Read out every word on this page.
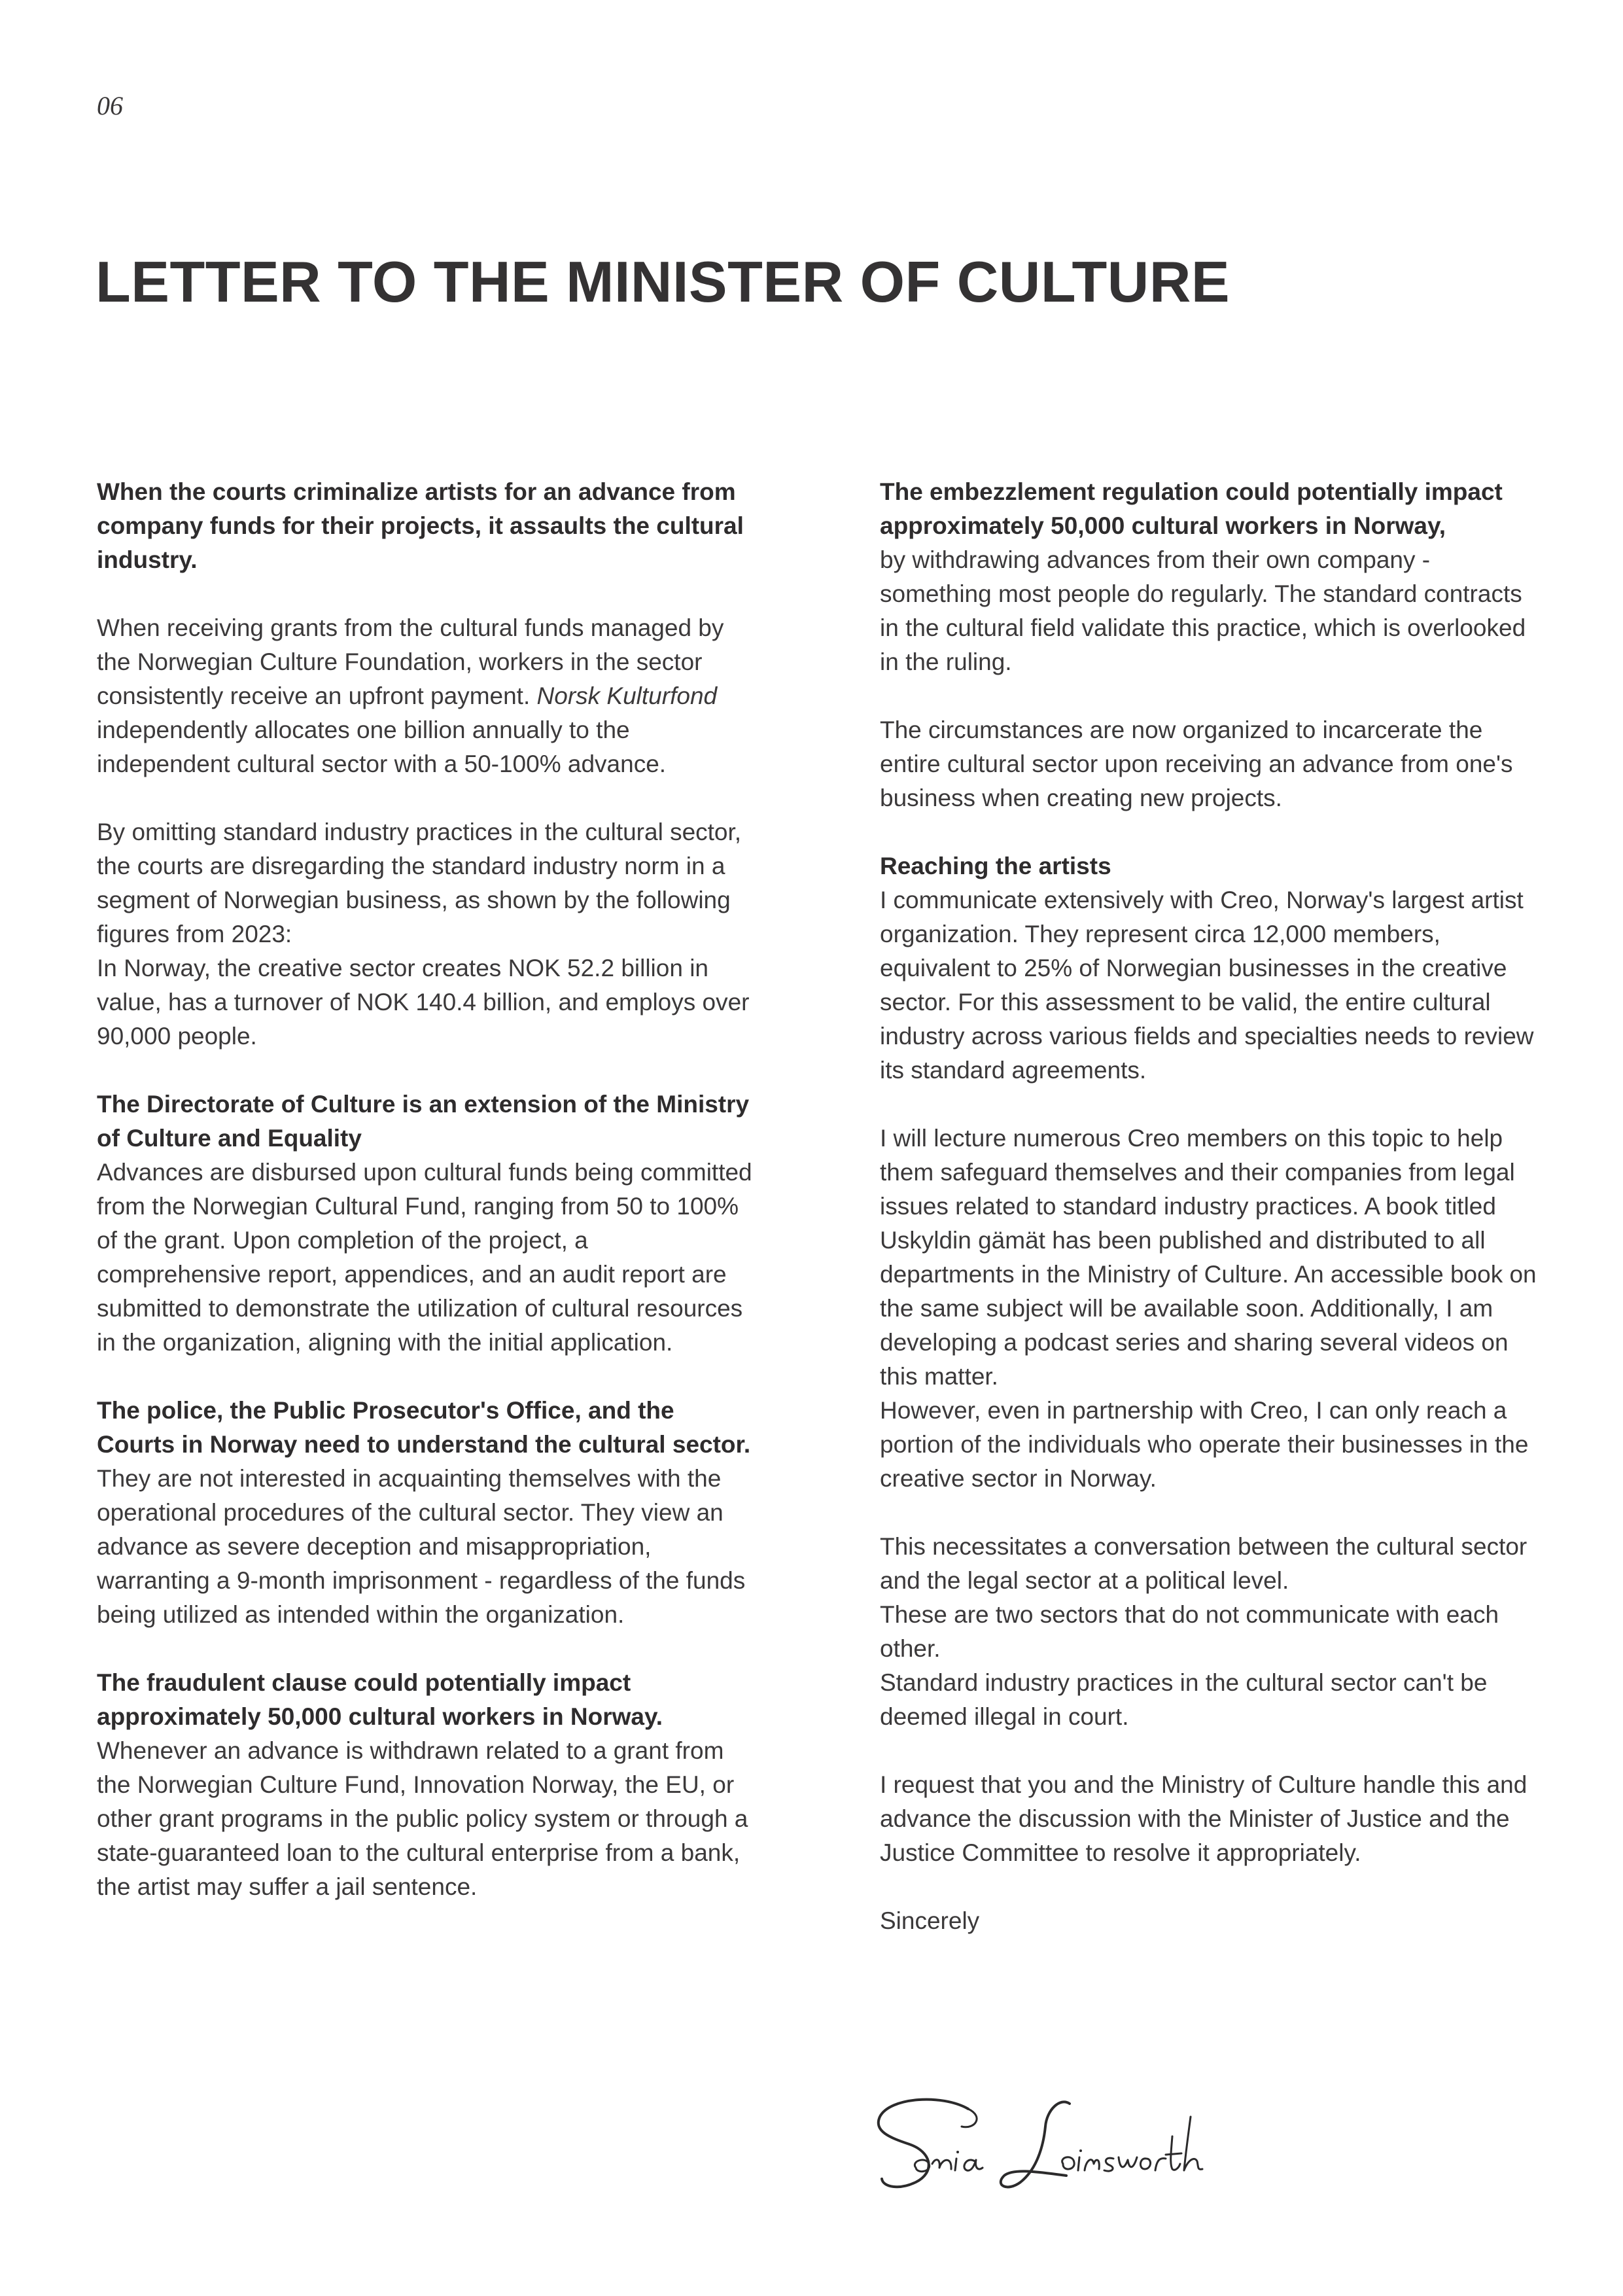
06
LETTER TO THE MINISTER OF CULTURE

When the courts criminalize artists for an advance from company funds for their projects, it assaults the cultural industry.

When receiving grants from the cultural funds managed by the Norwegian Culture Foundation, workers in the sector consistently receive an upfront payment. Norsk Kulturfond independently allocates one billion annually to the independent cultural sector with a 50-100% advance.

By omitting standard industry practices in the cultural sector, the courts are disregarding the standard industry norm in a segment of Norwegian business, as shown by the following figures from 2023:
In Norway, the creative sector creates NOK 52.2 billion in value, has a turnover of NOK 140.4 billion, and employs over 90,000 people.

The Directorate of Culture is an extension of the Ministry of Culture and Equality
Advances are disbursed upon cultural funds being committed from the Norwegian Cultural Fund, ranging from 50 to 100% of the grant. Upon completion of the project, a comprehensive report, appendices, and an audit report are submitted to demonstrate the utilization of cultural resources in the organization, aligning with the initial application.

The police, the Public Prosecutor's Office, and the Courts in Norway need to understand the cultural sector.
They are not interested in acquainting themselves with the operational procedures of the cultural sector. They view an advance as severe deception and misappropriation, warranting a 9-month imprisonment - regardless of the funds being utilized as intended within the organization.

The fraudulent clause could potentially impact approximately 50,000 cultural workers in Norway.
Whenever an advance is withdrawn related to a grant from the Norwegian Culture Fund, Innovation Norway, the EU, or other grant programs in the public policy system or through a state-guaranteed loan to the cultural enterprise from a bank, the artist may suffer a jail sentence.

The embezzlement regulation could potentially impact approximately 50,000 cultural workers in Norway,
by withdrawing advances from their own company - something most people do regularly. The standard contracts in the cultural field validate this practice, which is overlooked in the ruling.

The circumstances are now organized to incarcerate the entire cultural sector upon receiving an advance from one's business when creating new projects.

Reaching the artists
I communicate extensively with Creo, Norway's largest artist organization. They represent circa 12,000 members, equivalent to 25% of Norwegian businesses in the creative sector. For this assessment to be valid, the entire cultural industry across various fields and specialties needs to review its standard agreements.

I will lecture numerous Creo members on this topic to help them safeguard themselves and their companies from legal issues related to standard industry practices. A book titled Uskyldin gämät has been published and distributed to all departments in the Ministry of Culture. An accessible book on the same subject will be available soon. Additionally, I am developing a podcast series and sharing several videos on this matter.
However, even in partnership with Creo, I can only reach a portion of the individuals who operate their businesses in the creative sector in Norway.

This necessitates a conversation between the cultural sector and the legal sector at a political level.
These are two sectors that do not communicate with each other.
Standard industry practices in the cultural sector can't be deemed illegal in court.

I request that you and the Ministry of Culture handle this and advance the discussion with the Minister of Justice and the Justice Committee to resolve it appropriately.

Sincerely
